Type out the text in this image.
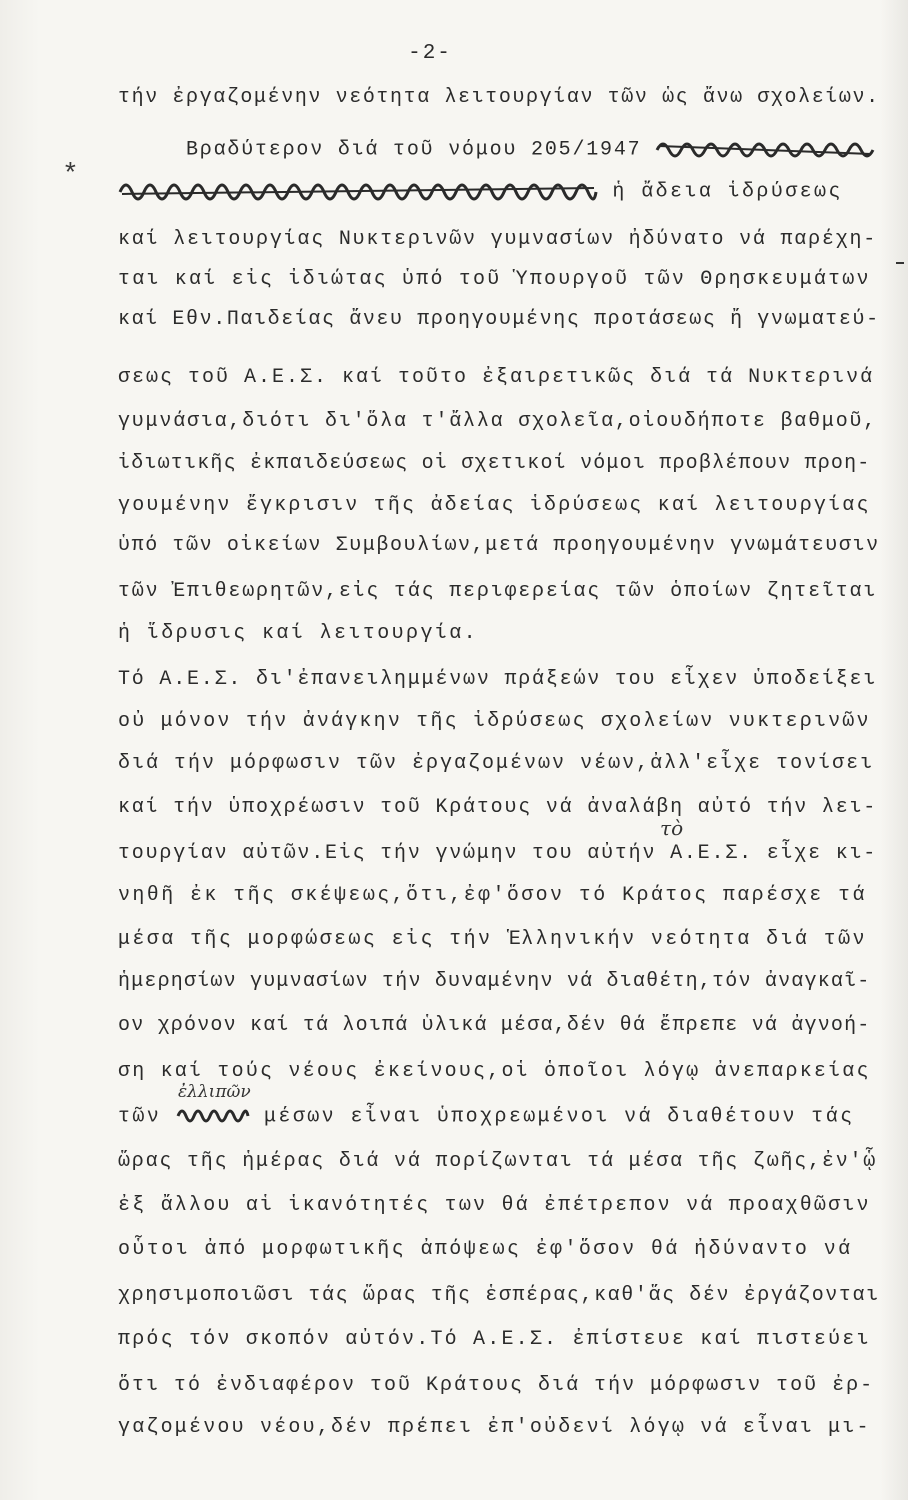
-2-
*
τήν ἐργαζομένην νεότητα λειτουργίαν τῶν ὡς ἄνω σχολείων.
Βραδύτερον διά τοῦ νόμου 205/1947
ἡ ἄδεια ἱδρύσεως
καί λειτουργίας Νυκτερινῶν γυμνασίων ἠδύνατο νά παρέχη-
ται καί εἰς ἰδιώτας ὑπό τοῦ Ὑπουργοῦ τῶν Θρησκευμάτων
καί Εθν.Παιδείας ἄνευ προηγουμένης προτάσεως ἤ γνωματεύ-
σεως τοῦ Α.Ε.Σ. καί τοῦτο ἐξαιρετικῶς διά τά Νυκτερινά
γυμνάσια,διότι δι'ὅλα τ'ἄλλα σχολεῖα,οἰουδήποτε βαθμοῦ,
ἰδιωτικῆς ἐκπαιδεύσεως οἱ σχετικοί νόμοι προβλέπουν προη-
γουμένην ἔγκρισιν τῆς ἀδείας ἱδρύσεως καί λειτουργίας
ὑπό τῶν οἰκείων Συμβουλίων,μετά προηγουμένην γνωμάτευσιν
τῶν Ἐπιθεωρητῶν,εἰς τάς περιφερείας τῶν ὁποίων ζητεῖται
ἡ ἵδρυσις καί λειτουργία.
Τό Α.Ε.Σ. δι'ἐπανειλημμένων πράξεών του εἶχεν ὑποδείξει
οὐ μόνον τήν ἀνάγκην τῆς ἱδρύσεως σχολείων νυκτερινῶν
διά τήν μόρφωσιν τῶν ἐργαζομένων νέων,ἀλλ'εἶχε τονίσει
καί τήν ὑποχρέωσιν τοῦ Κράτους νά ἀναλάβη αὐτό τήν λει-
τὸ
τουργίαν αὐτῶν.Εἰς τήν γνώμην του αὐτήν Α.Ε.Σ. εἶχε κι-
νηθῆ ἐκ τῆς σκέψεως,ὅτι,ἐφ'ὅσον τό Κράτος παρέσχε τά
μέσα τῆς μορφώσεως εἰς τήν Ἑλληνικήν νεότητα διά τῶν
ἡμερησίων γυμνασίων τήν δυναμένην νά διαθέτη,τόν ἀναγκαῖ-
ον χρόνον καί τά λοιπά ὑλικά μέσα,δέν θά ἔπρεπε νά ἀγνοή-
ση καί τούς νέους ἐκείνους,οἱ ὁποῖοι λόγῳ ἀνεπαρκείας
ἐλλιπῶν
τῶν	μέσων εἶναι ὑποχρεωμένοι νά διαθέτουν τάς
ὥρας τῆς ἡμέρας διά νά πορίζωνται τά μέσα τῆς ζωῆς,ἐν'ᾧ
ἐξ ἄλλου αἱ ἱκανότητές των θά ἐπέτρεπον νά προαχθῶσιν
οὗτοι ἀπό μορφωτικῆς ἀπόψεως ἐφ'ὅσον θά ἠδύναντο νά
χρησιμοποιῶσι τάς ὥρας τῆς ἑσπέρας,καθ'ἅς δέν ἐργάζονται
πρός τόν σκοπόν αὐτόν.Τό Α.Ε.Σ. ἐπίστευε καί πιστεύει
ὅτι τό ἐνδιαφέρον τοῦ Κράτους διά τήν μόρφωσιν τοῦ ἐρ-
γαζομένου νέου,δέν πρέπει ἐπ'οὐδενί λόγῳ νά εἶναι μι-
